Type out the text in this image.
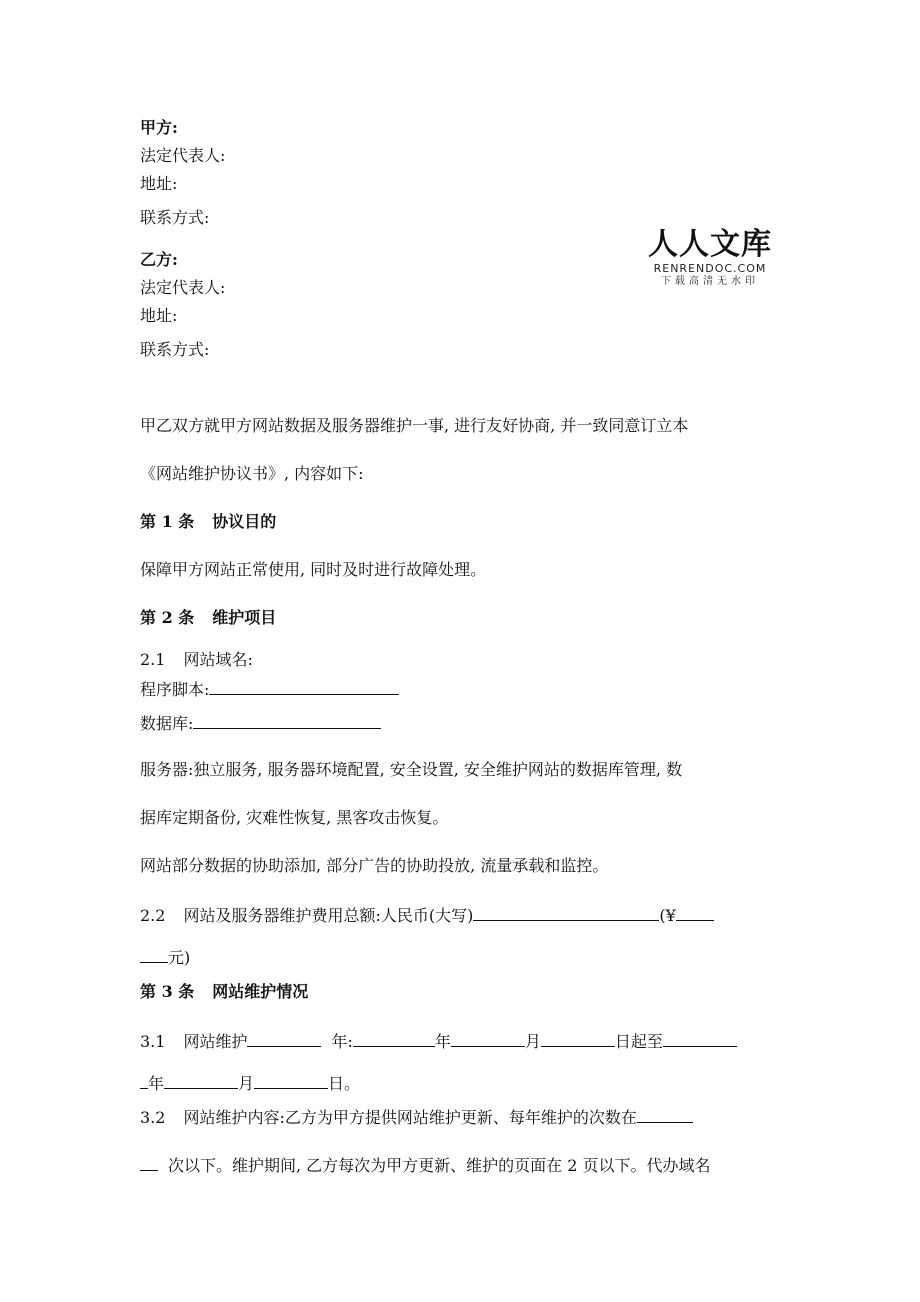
甲方:
法定代表人:
地址:
联系方式:
乙方:
法定代表人:
地址:
联系方式:
人人文库
RENRENDOC.COM
下载高清无水印
甲乙双方就甲方网站数据及服务器维护一事, 进行友好协商, 并一致同意订立本
《网站维护协议书》, 内容如下:
第 1 条 协议目的
保障甲方网站正常使用, 同时及时进行故障处理。
第 2 条 维护项目
2.1 网站域名:
程序脚本:
数据库:
服务器:独立服务, 服务器环境配置, 安全设置, 安全维护网站的数据库管理, 数
据库定期备份, 灾难性恢复, 黑客攻击恢复。
网站部分数据的协助添加, 部分广告的协助投放, 流量承载和监控。
2.2 网站及服务器维护费用总额:人民币(大写)	(¥
元)
第 3 条 网站维护情况
3.1 网站维护	年:	年	月	日起至
年	月	日。
3.2 网站维护内容:乙方为甲方提供网站维护更新、每年维护的次数在
次以下。维护期间, 乙方每次为甲方更新、维护的页面在 2 页以下。代办域名
